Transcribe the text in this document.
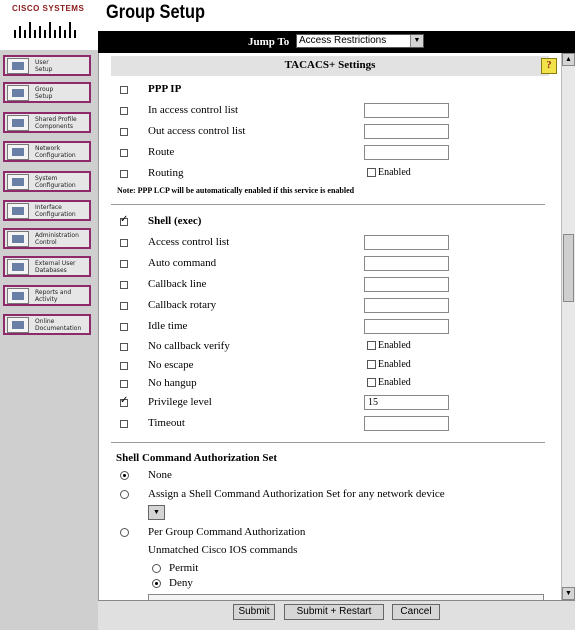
CISCO SYSTEMS
User
Setup
Group
Setup
Shared Profile
Components
Network
Configuration
System
Configuration
Interface
Configuration
Administration
Control
External User
Databases
Reports and
Activity
Online
Documentation
Group Setup
Jump To Access Restrictions	▼
TACACS+ Settings	?
PPP IP
In access control list
Out access control list
Route
Routing	Enabled
Note: PPP LCP will be automatically enabled if this service is enabled
✓
Shell (exec)
Access control list
Auto command
Callback line
Callback rotary
Idle time
No callback verify	Enabled
No escape	Enabled
No hangup	Enabled
✓
Privilege level	15
Timeout
Shell Command Authorization Set
None
Assign a Shell Command Authorization Set for any network device
▼
Per Group Command Authorization
Unmatched Cisco IOS commands
Permit
Deny
▲
▼
Submit	Submit + Restart	Cancel
